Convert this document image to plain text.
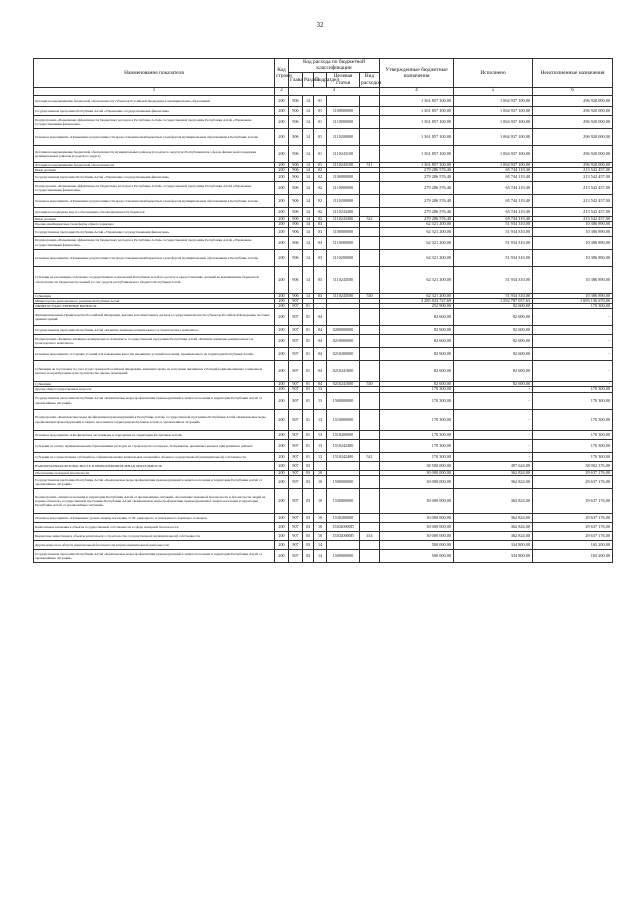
32
Наименование показателя	Код строки	Код расхода по бюджетной классификации					Утвержденные бюджетные назначения	Исполнено	Неисполненные назначения
		Глава	Раздел	Подраздел	Целевая статья	Вид расходов			
1	2	3					4	5	6
Дотации на выравнивание бюджетной обеспеченности субъектов Российской Федерации и муниципальных образований	200	906	14	01			1 361 857 100,00	1 064 937 100,00	296 920 000,00
Государственная программа Республики Алтай «Управление государственными финансами»	200	906	14	01	1100000000		1 361 857 100,00	1 064 937 100,00	296 920 000,00
Подпрограмма «Повышение эффективности бюджетных расходов в Республике Алтай» государственной программы Республики Алтай «Управление государственными финансами»	200	906	14	01	1110000000		1 361 857 100,00	1 064 937 100,00	296 920 000,00
Основное мероприятие «Повышение результативности предоставления межбюджетных трансфертов муниципальным образованиям в Республике Алтай»	200	906	14	01	1110200000		1 361 857 100,00	1 064 937 100,00	296 920 000,00
Дотации на выравнивание бюджетной обеспеченности муниципальных районов (городского округа) из Республиканского фонда финансовой поддержки муниципальных районов (городского округа)	200	906	14	01	1110243100		1 361 857 100,00	1 064 937 100,00	296 920 000,00
Дотации на выравнивание бюджетной обеспеченности	200	906	14	01	1110243100	511	1 361 857 100,00	1 064 937 100,00	296 920 000,00
Иные дотации	200	906	14	02			279 286 576,40	65 744 119,40	213 542 457,00
Государственная программа Республики Алтай «Управление государственными финансами»	200	906	14	02	1100000000		279 286 576,40	65 744 119,40	213 542 457,00
Подпрограмма «Повышение эффективности бюджетных расходов в Республике Алтай» государственной программы Республики Алтай «Управление государственными финансами»	200	906	14	02	1110000000		279 286 576,40	65 744 119,40	213 542 457,00
Основное мероприятие «Повышение результативности предоставления межбюджетных трансфертов муниципальным образованиям в Республике Алтай»	200	906	14	02	1110200000		279 286 576,40	65 744 119,40	213 542 457,00
Дотации на поддержку мер по обеспечению сбалансированности бюджетов	200	906	14	02	1110243400		279 286 576,40	65 744 119,40	213 542 457,00
Иные дотации	200	906	14	02	1110243400	512	279 286 576,40	65 744 119,40	213 542 457,00
Прочие межбюджетные трансферты общего характера	200	906	14	03			62 321 200,00	51 934 310,00	10 386 890,00
Государственная программа Республики Алтай «Управление государственными финансами»	200	906	14	03	1100000000		62 321 200,00	51 934 310,00	10 386 890,00
Подпрограмма «Повышение эффективности бюджетных расходов в Республике Алтай» государственной программы Республики Алтай «Управление государственными финансами»	200	906	14	03	1110000000		62 321 200,00	51 934 310,00	10 386 890,00
Основное мероприятие «Повышение результативности предоставления межбюджетных трансфертов муниципальным образованиям в Республике Алтай»	200	906	14	03	1110200000		62 321 200,00	51 934 310,00	10 386 890,00
Субсидии на реализацию отдельных государственных полномочий Республики Алтай по расчету и предоставлению дотаций на выравнивание бюджетной обеспеченности бюджетам поселений за счет средств республиканского бюджета Республики Алтай	200	906	14	03	1110243500		62 321 200,00	51 934 310,00	10 386 890,00
Субвенции	200	906	14	03	1110243500	530	62 321 200,00	51 934 310,00	10 386 890,00
Министерство регионального развития Республики Алтай	200	907					3 285 923 727,69	1 592 787 057,63	1 693 136 670,06
ОБЩЕГОСУДАРСТВЕННЫЕ ВОПРОСЫ	200	907	01				252 900,00	82 600,00	170 300,00
Функционирование Правительства Российской Федерации, высших исполнительных органов государственной власти субъектов Российской Федерации, местных администраций	200	907	01	04			82 600,00	82 600,00	-
Государственная программа Республики Алтай «Развитие жилищно-коммунального и транспортного комплекса»	200	907	01	04	0200000000		82 600,00	82 600,00	-
Подпрограмма «Развитие жилищно-коммунального комплекса» государственной программы Республики Алтай «Развитие жилищно-коммунального и транспортного комплекса»	200	907	01	04	0210000000		82 600,00	82 600,00	-
Основное мероприятие «Создание условий для повышения качества жилищных условий населения, проживающего на территории Республики Алтай»	200	907	01	04	0210200000		82 600,00	82 600,00	-
Субвенции на постановку на учет и учет граждан Российской Федерации, имеющих право на получение жилищных субсидий (единовременных социальных выплат) на приобретение или строительство жилых помещений	200	907	01	04	0210241000		82 600,00	82 600,00	-
Субвенции	200	907	01	04	0210241000	530	82 600,00	82 600,00	-
Другие общегосударственные вопросы	200	907	01	13			170 300,00	-	170 300,00
Государственная программа Республики Алтай «Комплексные меры профилактики правонарушений и защита населения и территории Республики Алтай от чрезвычайных ситуаций»	200	907	01	13	1500000000		170 300,00	-	170 300,00
Подпрограмма «Комплексные меры профилактики правонарушений в Республике Алтай» государственной программы Республики Алтай «Комплексные меры профилактики правонарушений и защита населения и территории Республики Алтай от чрезвычайных ситуаций»	200	907	01	13	1510000000		170 300,00	-	170 300,00
Основное мероприятие «Профилактика экстремизма и терроризма на территории Республики Алтай»	200	907	01	13	1510200000		170 300,00	-	170 300,00
Субсидии на оплату муниципальными образованиями расходов на строительство площадок, бесприцепов, временных жилья в приграничных районах	200	907	01	13	1510242400		170 300,00	-	170 300,00
Субсидии на осуществление субсидий на софинансирование капитальных вложений в объекты государственной (муниципальной) собственности	200	907	01	13	1510242400	521	170 300,00	-	170 300,00
НАЦИОНАЛЬНАЯ БЕЗОПАСНОСТЬ И ПРАВООХРАНИТЕЛЬНАЯ ДЕЯТЕЛЬНОСТЬ	200	907	03				38 500 000,00	497 624,00	38 002 376,00
Обеспечение пожарной безопасности	200	907	03	10			30 000 000,00	362 824,00	29 637 176,00
Государственная программа Республики Алтай «Комплексные меры профилактики правонарушений и защита населения и территории Республики Алтай от чрезвычайных ситуаций»	200	907	03	10	1500000000		30 000 000,00	362 824,00	29 637 176,00
Подпрограмма «Защита населения и территории Республики Алтай от чрезвычайных ситуаций, обеспечение пожарной безопасности и безопасности людей на водных объектах» государственной программы Республики Алтай «Комплексные меры профилактики правонарушений и защита населения и территории Республики Алтай от чрезвычайных ситуаций»	200	907	03	10	1530000000		30 000 000,00	362 824,00	29 637 176,00
Основное мероприятие «Повышение уровня защиты населения от ЧС природного и техногенного характера, пожаров»	200	907	03	10	1530200000		30 000 000,00	362 824,00	29 637 176,00
Капитальные вложения в объекты государственной собственности в сфере пожарной безопасности	200	907	03	10	153020000П		30 000 000,00	362 824,00	29 637 176,00
Бюджетные инвестиции в объекты капитального строительства государственной (муниципальной) собственности	200	907	03	10	153020000П	414	30 000 000,00	362 824,00	29 637 176,00
Другие вопросы в области национальной безопасности и правоохранительной деятельности	200	907	03	14			500 000,00	334 800,00	165 200,00
Государственная программа Республики Алтай «Комплексные меры профилактики правонарушений и защита населения и территории Республики Алтай от чрезвычайных ситуаций»	200	907	03	14	1500000000		500 000,00	334 800,00	165 200,00
